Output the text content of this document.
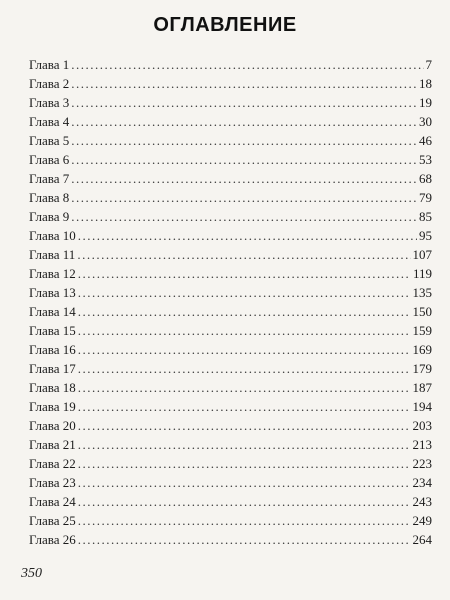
ОГЛАВЛЕНИЕ
Глава 1 .....	7
Глава 2 .....	18
Глава 3 .....	19
Глава 4 .....	30
Глава 5 .....	46
Глава 6 .....	53
Глава 7 .....	68
Глава 8 .....	79
Глава 9 .....	85
Глава 10 .....	95
Глава 11 .....	107
Глава 12 .....	119
Глава 13 .....	135
Глава 14 .....	150
Глава 15 .....	159
Глава 16 .....	169
Глава 17 .....	179
Глава 18 .....	187
Глава 19 .....	194
Глава 20 .....	203
Глава 21 .....	213
Глава 22 .....	223
Глава 23 .....	234
Глава 24 .....	243
Глава 25 .....	249
Глава 26 .....	264
350
